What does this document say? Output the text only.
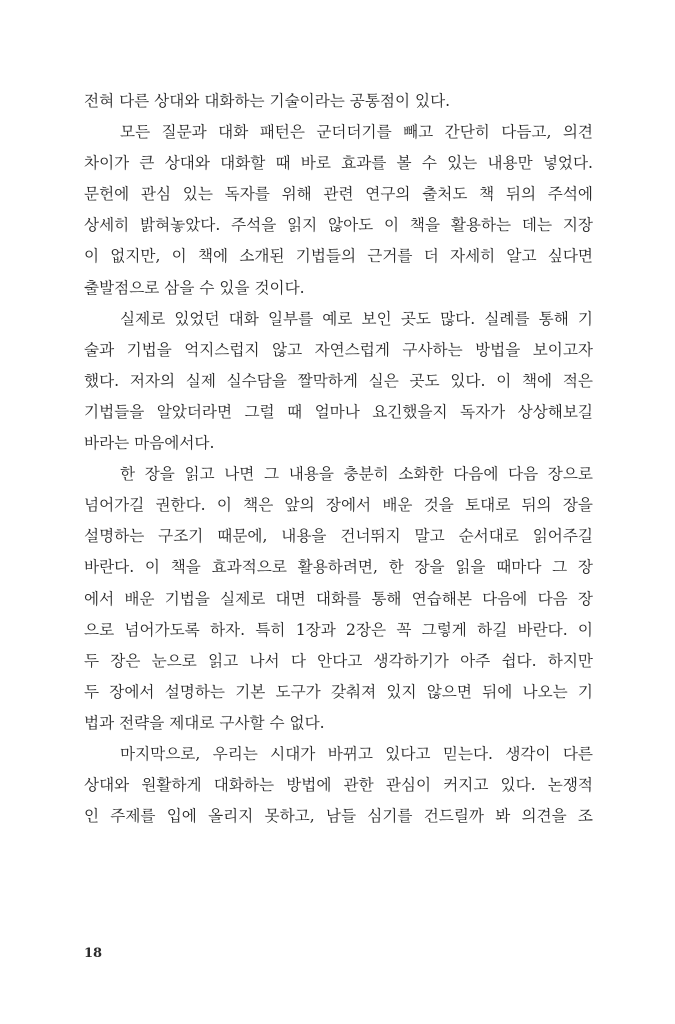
전혀 다른 상대와 대화하는 기술이라는 공통점이 있다.
모든 질문과 대화 패턴은 군더더기를 빼고 간단히 다듬고, 의견
차이가 큰 상대와 대화할 때 바로 효과를 볼 수 있는 내용만 넣었다.
문헌에 관심 있는 독자를 위해 관련 연구의 출처도 책 뒤의 주석에
상세히 밝혀놓았다. 주석을 읽지 않아도 이 책을 활용하는 데는 지장
이 없지만, 이 책에 소개된 기법들의 근거를 더 자세히 알고 싶다면
출발점으로 삼을 수 있을 것이다.
실제로 있었던 대화 일부를 예로 보인 곳도 많다. 실례를 통해 기
술과 기법을 억지스럽지 않고 자연스럽게 구사하는 방법을 보이고자
했다. 저자의 실제 실수담을 짤막하게 실은 곳도 있다. 이 책에 적은
기법들을 알았더라면 그럴 때 얼마나 요긴했을지 독자가 상상해보길
바라는 마음에서다.
한 장을 읽고 나면 그 내용을 충분히 소화한 다음에 다음 장으로
넘어가길 권한다. 이 책은 앞의 장에서 배운 것을 토대로 뒤의 장을
설명하는 구조기 때문에, 내용을 건너뛰지 말고 순서대로 읽어주길
바란다. 이 책을 효과적으로 활용하려면, 한 장을 읽을 때마다 그 장
에서 배운 기법을 실제로 대면 대화를 통해 연습해본 다음에 다음 장
으로 넘어가도록 하자. 특히 1장과 2장은 꼭 그렇게 하길 바란다. 이
두 장은 눈으로 읽고 나서 다 안다고 생각하기가 아주 쉽다. 하지만
두 장에서 설명하는 기본 도구가 갖춰져 있지 않으면 뒤에 나오는 기
법과 전략을 제대로 구사할 수 없다.
마지막으로, 우리는 시대가 바뀌고 있다고 믿는다. 생각이 다른
상대와 원활하게 대화하는 방법에 관한 관심이 커지고 있다. 논쟁적
인 주제를 입에 올리지 못하고, 남들 심기를 건드릴까 봐 의견을 조
18
